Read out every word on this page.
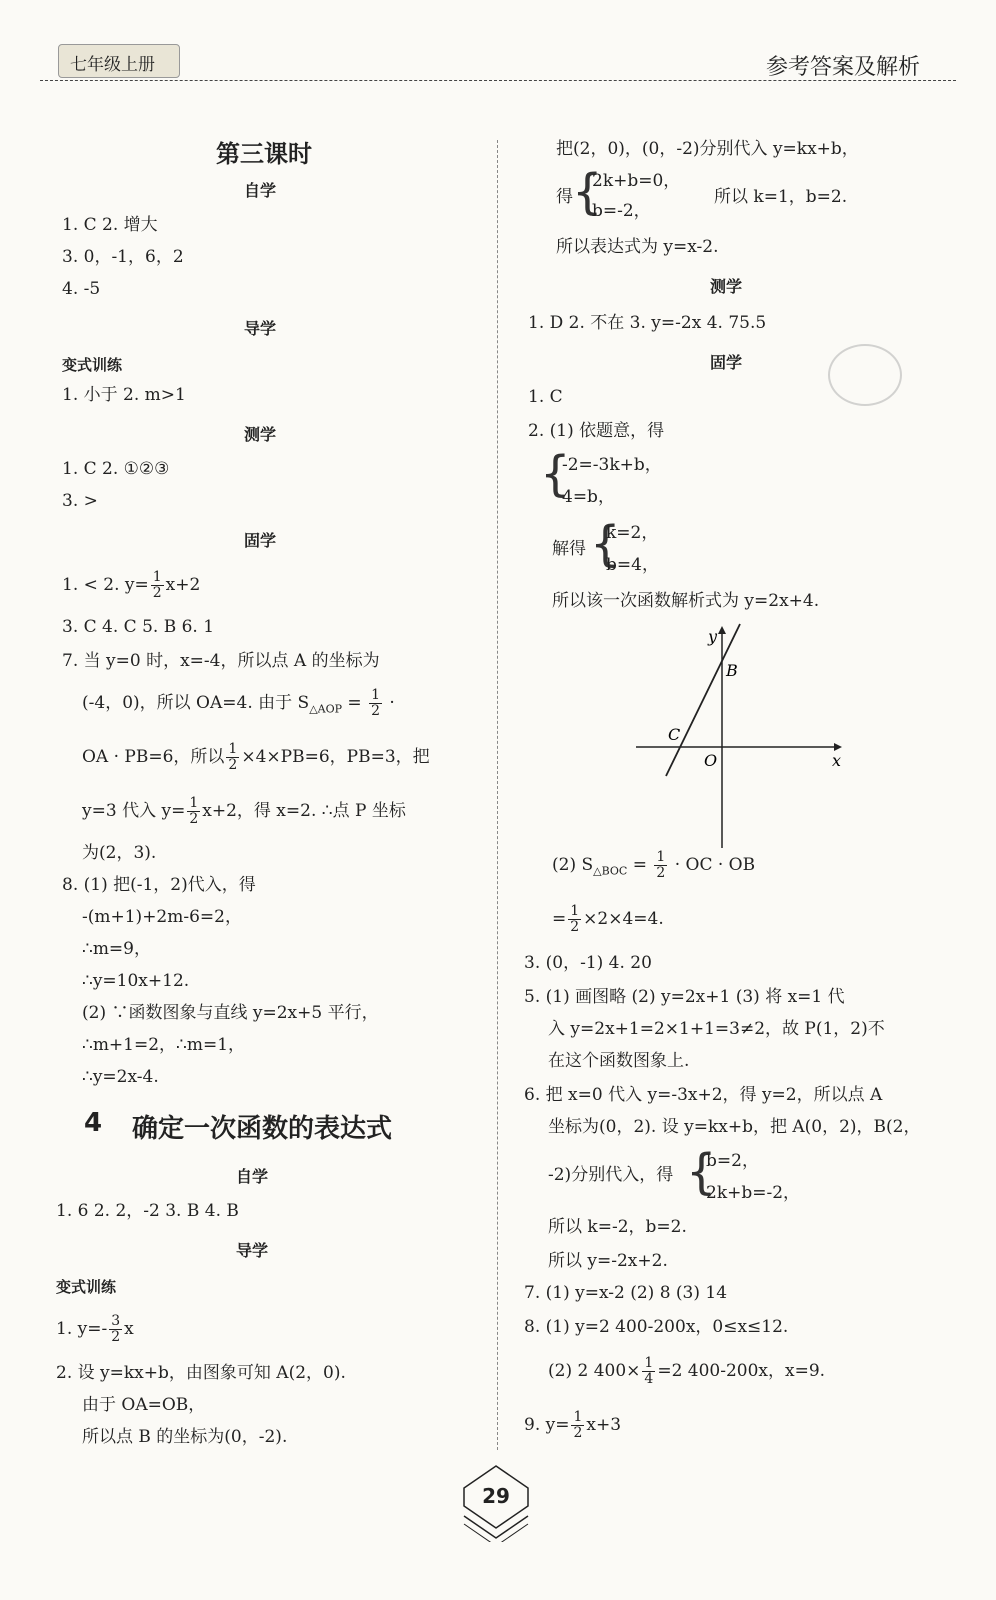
七年级上册	参考答案及解析
第三课时
自学
1. C 2. 增大
3. 0，-1，6，2
4. -5
导学
变式训练
1. 小于 2. m>1
测学
1. C 2. ①②③
3. >
固学
1. < 2. $y= \frac{1}{2} x+2$
3. C 4. C 5. B 6. 1
7. 当 y=0 时，x=-4，所以点 A 的坐标为
(-4，0)，所以 OA=4. 由于 $S_{\triangle AOP} = \frac{1}{2}$ ·
OA · PB=6，所以 $\frac{1}{2} \times 4\times PB=6$，PB=3，把
y=3 代入 $y= \frac{1}{2} x+2$，得 x=2. ∴点 P 坐标
为(2，3).
8. (1) 把(-1，2)代入，得
-(m+1)+2m-6=2，
∴m=9，
∴y=10x+12.
(2) ∵函数图象与直线 y=2x+5 平行，
∴m+1=2，∴m=1，
∴y=2x-4.
4 确定一次函数的表达式
自学
1. 6 2. 2，-2 3. B 4. B
导学
变式训练
1. $y=- \frac{3}{2}$ x
2. 设 y=kx+b，由图象可知 A(2，0).
由于 OA=OB，
所以点 B 的坐标为(0，-2).
把(2，0)，(0，-2)分别代入 y=kx+b，
得 {
2k+b=0，
b=-2，
所以 k=1，b=2.
所以表达式为 y=x-2.
测学
1. D 2. 不在 3. y=-2x 4. 75.5
固学
1. C
2. (1) 依题意，得
{
-2=-3k+b，
4=b，
解得 {
k=2，
b=4，
所以该一次函数解析式为 y=2x+4.
y
x
B
C
O
(2) $S_{\triangle BOC} = \frac{1}{2}$ · OC · OB
= $\frac{1}{2} \times 2\times 4=4$.
3. (0，-1) 4. 20
5. (1) 画图略 (2) y=2x+1 (3) 将 x=1 代
入 y=2x+1=2×1+1=3≠2，故 P(1，2)不
在这个函数图象上.
6. 把 x=0 代入 y=-3x+2，得 y=2，所以点 A
坐标为(0，2). 设 y=kx+b，把 A(0，2)，B(2，
-2)分别代入，得 {
b=2，
2k+b=-2，
所以 k=-2，b=2.
所以 y=-2x+2.
7. (1) y=x-2 (2) 8 (3) 14
8. (1) y=2 400-200x，0≤x≤12.
(2) 2 $400\times \frac{1}{4} =2$ 400-200x，x=9.
9. $y= \frac{1}{2} x+3$
29
